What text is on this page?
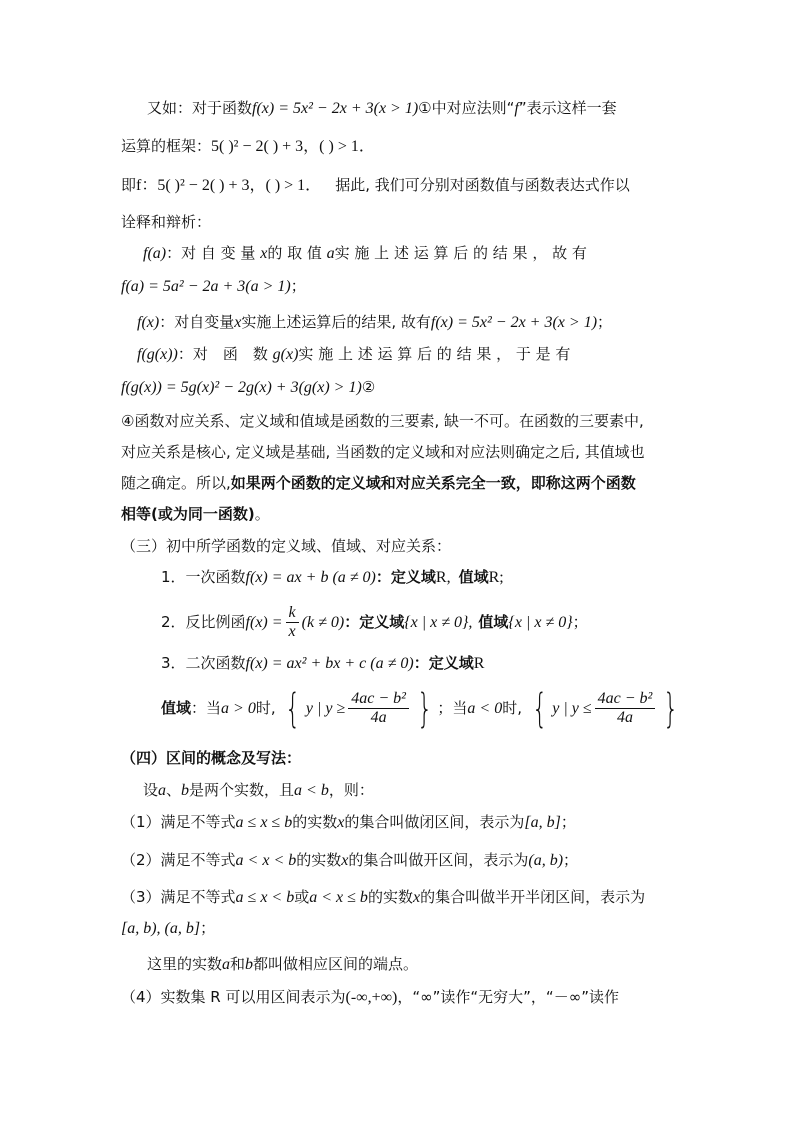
又如：对于函数f(x) = 5x² − 2x + 3(x > 1)①中对应法则“f”表示这样一套
运算的框架：5( )² − 2( ) + 3，( ) > 1．
即f：5( )² − 2( ) + 3，( ) > 1． 据此, 我们可分别对函数值与函数表达式作以
诠释和辩析：
f(a)：对 自 变 量 x的 取 值 a实 施 上 述 运 算 后 的 结 果 ， 故 有
f(a) = 5a² − 2a + 3(a > 1)；
f(x)：对自变量x实施上述运算后的结果, 故有f(x) = 5x² − 2x + 3(x > 1)；
f(g(x))：对　函　数 g(x)实 施 上 述 运 算 后 的 结 果 ， 于 是 有
f(g(x)) = 5g(x)² − 2g(x) + 3(g(x) > 1)②
④函数对应关系、定义域和值域是函数的三要素, 缺一不可。在函数的三要素中,
对应关系是核心, 定义域是基础, 当函数的定义域和对应法则确定之后, 其值域也
随之确定。所以,如果两个函数的定义域和对应关系完全一致，即称这两个函数
相等(或为同一函数)。
（三）初中所学函数的定义域、值域、对应关系：
1．一次函数f(x) = ax + b (a ≠ 0)：定义域R, 值域R;
2．反比例函$f(x) = \frac{k}{x} (k \ne 0)$：定义域{x | x ≠ 0}, 值域{x | x ≠ 0}；
3．二次函数f(x) = ax² + bx + c (a ≠ 0)：定义域R
值域：当a > 0时, { y | $y \ge \frac{\text{4ac − b²}}{4a}$ } ；当a < 0时, { y | $y \le \frac{\text{4ac − b²}}{4a}$ }
（四）区间的概念及写法：
设a、b是两个实数，且a < b，则：
（1）满足不等式a ≤ x ≤ b的实数x的集合叫做闭区间，表示为[a, b]；
（2）满足不等式a < x < b的实数x的集合叫做开区间，表示为(a, b)；
（3）满足不等式a ≤ x < b或a < x ≤ b的实数x的集合叫做半开半闭区间，表示为
[a, b), (a, b]；
这里的实数a和b都叫做相应区间的端点。
（4）实数集 R 可以用区间表示为(-∞,+∞)，“∞”读作“无穷大”，“－∞”读作
